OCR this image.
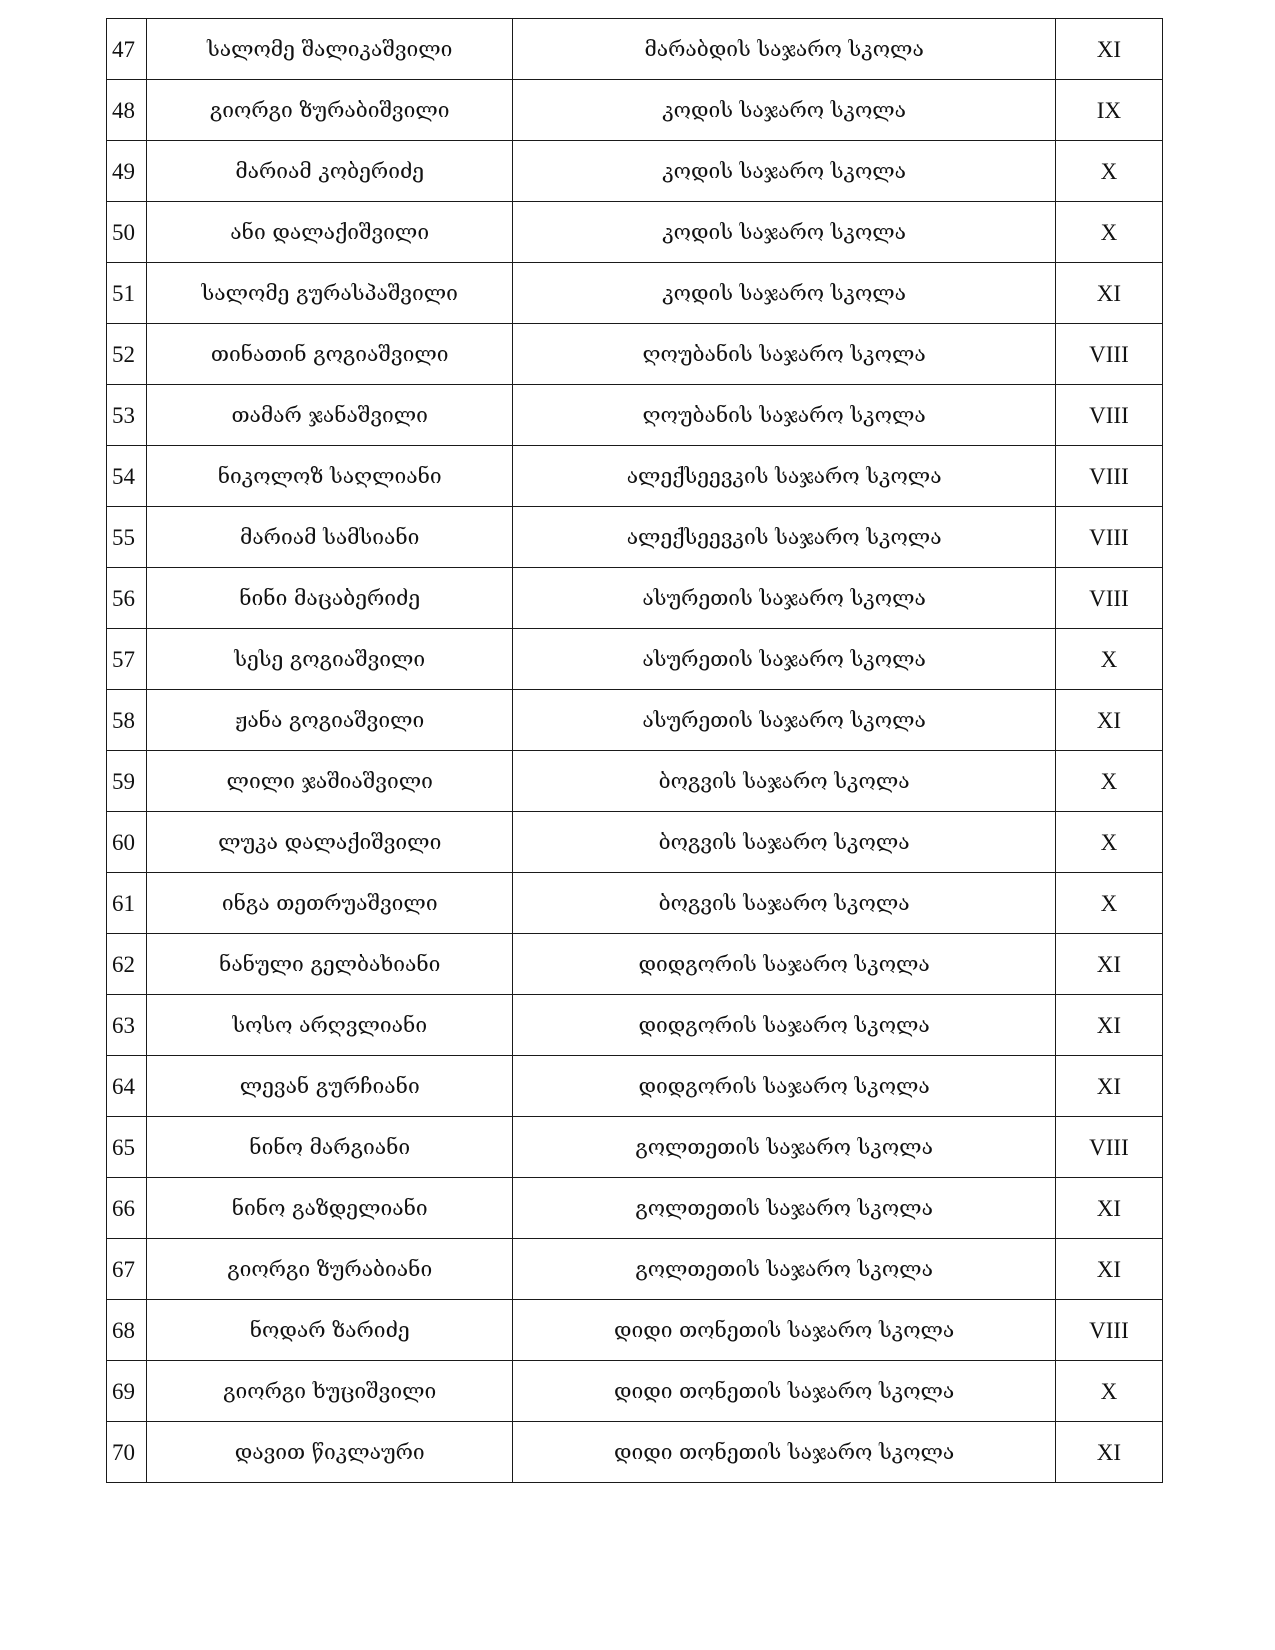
47	სალომე შალიკაშვილი	მარაბდის საჯარო სკოლა	XI
48	გიორგი ზურაბიშვილი	კოდის საჯარო სკოლა	IX
49	მარიამ კობერიძე	კოდის საჯარო სკოლა	X
50	ანი დალაქიშვილი	კოდის საჯარო სკოლა	X
51	სალომე გურასპაშვილი	კოდის საჯარო სკოლა	XI
52	თინათინ გოგიაშვილი	ღოუბანის საჯარო სკოლა	VIII
53	თამარ ჯანაშვილი	ღოუბანის საჯარო სკოლა	VIII
54	ნიკოლოზ საღლიანი	ალექსეევკის საჯარო სკოლა	VIII
55	მარიამ სამსიანი	ალექსეევკის საჯარო სკოლა	VIII
56	ნინი მაცაბერიძე	ასურეთის საჯარო სკოლა	VIII
57	სესე გოგიაშვილი	ასურეთის საჯარო სკოლა	X
58	ჟანა გოგიაშვილი	ასურეთის საჯარო სკოლა	XI
59	ლილი ჯაშიაშვილი	ბოგვის საჯარო სკოლა	X
60	ლუკა დალაქიშვილი	ბოგვის საჯარო სკოლა	X
61	ინგა თეთრუაშვილი	ბოგვის საჯარო სკოლა	X
62	ნანული გელბახიანი	დიდგორის საჯარო სკოლა	XI
63	სოსო არღვლიანი	დიდგორის საჯარო სკოლა	XI
64	ლევან გურჩიანი	დიდგორის საჯარო სკოლა	XI
65	ნინო მარგიანი	გოლთეთის საჯარო სკოლა	VIII
66	ნინო გაზდელიანი	გოლთეთის საჯარო სკოლა	XI
67	გიორგი ზურაბიანი	გოლთეთის საჯარო სკოლა	XI
68	ნოდარ ზარიძე	დიდი თონეთის საჯარო სკოლა	VIII
69	გიორგი ხუციშვილი	დიდი თონეთის საჯარო სკოლა	X
70	დავით წიკლაური	დიდი თონეთის საჯარო სკოლა	XI
